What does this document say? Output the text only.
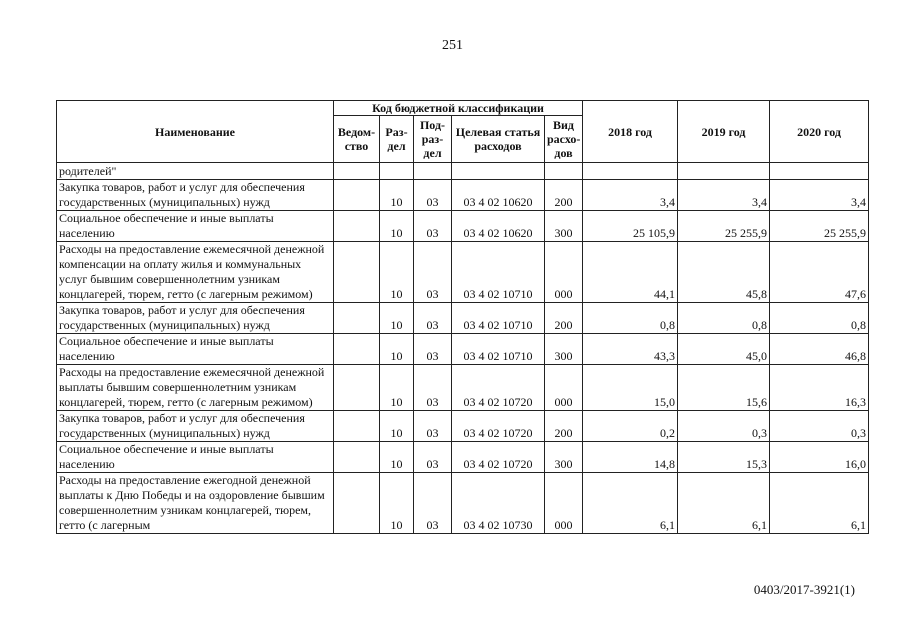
251
Наименование	Код бюджетной классификации					2018 год	2019 год	2020 год
	Ведом-ство	Раз-дел	Под-раз-дел	Целевая статья расходов	Вид расхо-дов			
родителей"								
Закупка товаров, работ и услуг для обеспечения государственных (муниципальных) нужд		10	03	03 4 02 10620	200	3,4	3,4	3,4
Социальное обеспечение и иные выплаты населению		10	03	03 4 02 10620	300	25 105,9	25 255,9	25 255,9
Расходы на предоставление ежемесячной денежной компенсации на оплату жилья и коммунальных услуг бывшим совершеннолетним узникам концлагерей, тюрем, гетто (с лагерным режимом)		10	03	03 4 02 10710	000	44,1	45,8	47,6
Закупка товаров, работ и услуг для обеспечения государственных (муниципальных) нужд		10	03	03 4 02 10710	200	0,8	0,8	0,8
Социальное обеспечение и иные выплаты населению		10	03	03 4 02 10710	300	43,3	45,0	46,8
Расходы на предоставление ежемесячной денежной выплаты бывшим совершеннолетним узникам концлагерей, тюрем, гетто (с лагерным режимом)		10	03	03 4 02 10720	000	15,0	15,6	16,3
Закупка товаров, работ и услуг для обеспечения государственных (муниципальных) нужд		10	03	03 4 02 10720	200	0,2	0,3	0,3
Социальное обеспечение и иные выплаты населению		10	03	03 4 02 10720	300	14,8	15,3	16,0
Расходы на предоставление ежегодной денежной выплаты к Дню Победы и на оздоровление бывшим совершеннолетним узникам концлагерей, тюрем, гетто (с лагерным		10	03	03 4 02 10730	000	6,1	6,1	6,1
0403/2017-3921(1)
